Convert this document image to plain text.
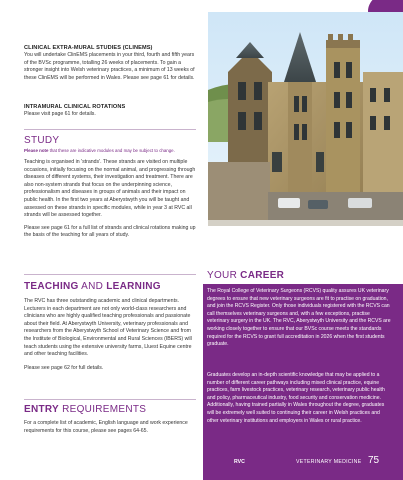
CLINICAL EXTRA-MURAL STUDIES (CLINEMS)
You will undertake ClinEMS placements in your third, fourth and fifth years of the BVSc programme, totalling 26 weeks of placements. To gain a stronger insight into Welsh veterinary practices, a minimum of 13 weeks of these ClinEMS will be performed in Wales. Please see page 61 for details.
INTRAMURAL CLINICAL ROTATIONS
Please visit page 61 for details.
STUDY
Please note that these are indicative modules and may be subject to change.
Teaching is organised in 'strands'. These strands are visited on multiple occasions, initially focusing on the normal animal, and progressing through diseases of different systems, their investigation and treatment. There are also non-system strands that focus on the underpinning science, professionalism and diseases in groups of animals and their impact on public health. In the first two years at Aberystwyth you will be taught and assessed on these strands in specific modules, while in year 3 at RVC all strands will be assessed together.
Please see page 61 for a full list of strands and clinical rotations making up the basis of the teaching for all years of study.
TEACHING AND LEARNING
The RVC has three outstanding academic and clinical departments. Lecturers in each department are not only world-class researchers and clinicians who are highly qualified teaching professionals and passionate about their field. At Aberystwyth University, veterinary professionals and researchers from the Aberystwyth School of Veterinary Science and from the Institute of Biological, Environmental and Rural Sciences (IBERS) will teach students using the extensive university farms, Lluest Equine centre and other teaching facilities.
Please see page 62 for full details.
ENTRY REQUIREMENTS
For a complete list of academic, English language and work experience requirements for this course, please see pages 64-65.
YOUR CAREER
The Royal College of Veterinary Surgeons (RCVS) quality assures UK veterinary degrees to ensure that new veterinary surgeons are fit to practise on graduation, and join the RCVS Register. Only those individuals registered with the RCVS can call themselves veterinary surgeons and, with a few exceptions, practise veterinary surgery in the UK. The RVC, Aberystwyth University and the RCVS are working closely together to ensure that our BVSc course meets the standards required for the RCVS to grant full accreditation in 2026 when the first students graduate.
Graduates develop an in-depth scientific knowledge that may be applied to a number of different career pathways including mixed clinical practice, equine practices, farm livestock practices, veterinary research, veterinary public health and policy, pharmaceutical industry, food security and conservation medicine. Additionally, having trained partially in Wales throughout the degree, graduates will be extremely well suited to continuing their career in Welsh practices and other veterinary institutions and employers in Wales or rural practice.
RVC	VETERINARY MEDICINE 75
